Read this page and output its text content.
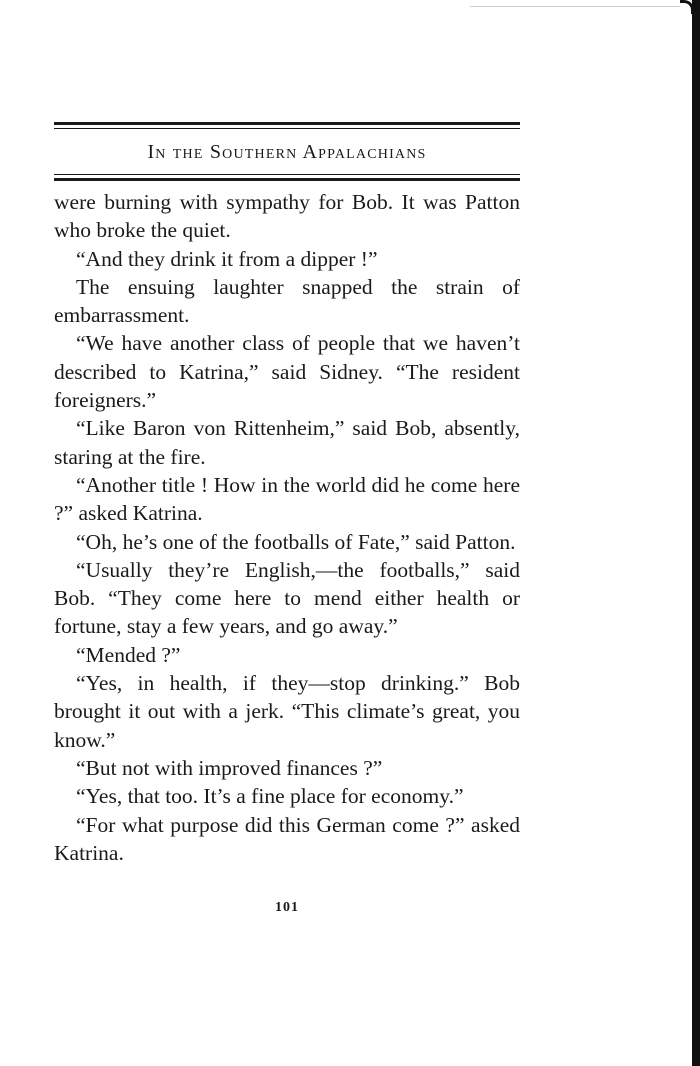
In the Southern Appalachians

were burning with sympathy for Bob. It was Patton who broke the quiet.

“And they drink it from a dipper !”

The ensuing laughter snapped the strain of embarrassment.

“We have another class of people that we haven’t described to Katrina,” said Sidney. “The resident foreigners.”

“Like Baron von Rittenheim,” said Bob, absently, staring at the fire.

“Another title ! How in the world did he come here ?” asked Katrina.

“Oh, he’s one of the footballs of Fate,” said Patton.

“Usually they’re English,—the footballs,” said Bob. “They come here to mend either health or fortune, stay a few years, and go away.”

“Mended ?”

“Yes, in health, if they—stop drinking.” Bob brought it out with a jerk. “This climate’s great, you know.”

“But not with improved finances ?”

“Yes, that too. It’s a fine place for economy.”

“For what purpose did this German come ?” asked Katrina.

101
